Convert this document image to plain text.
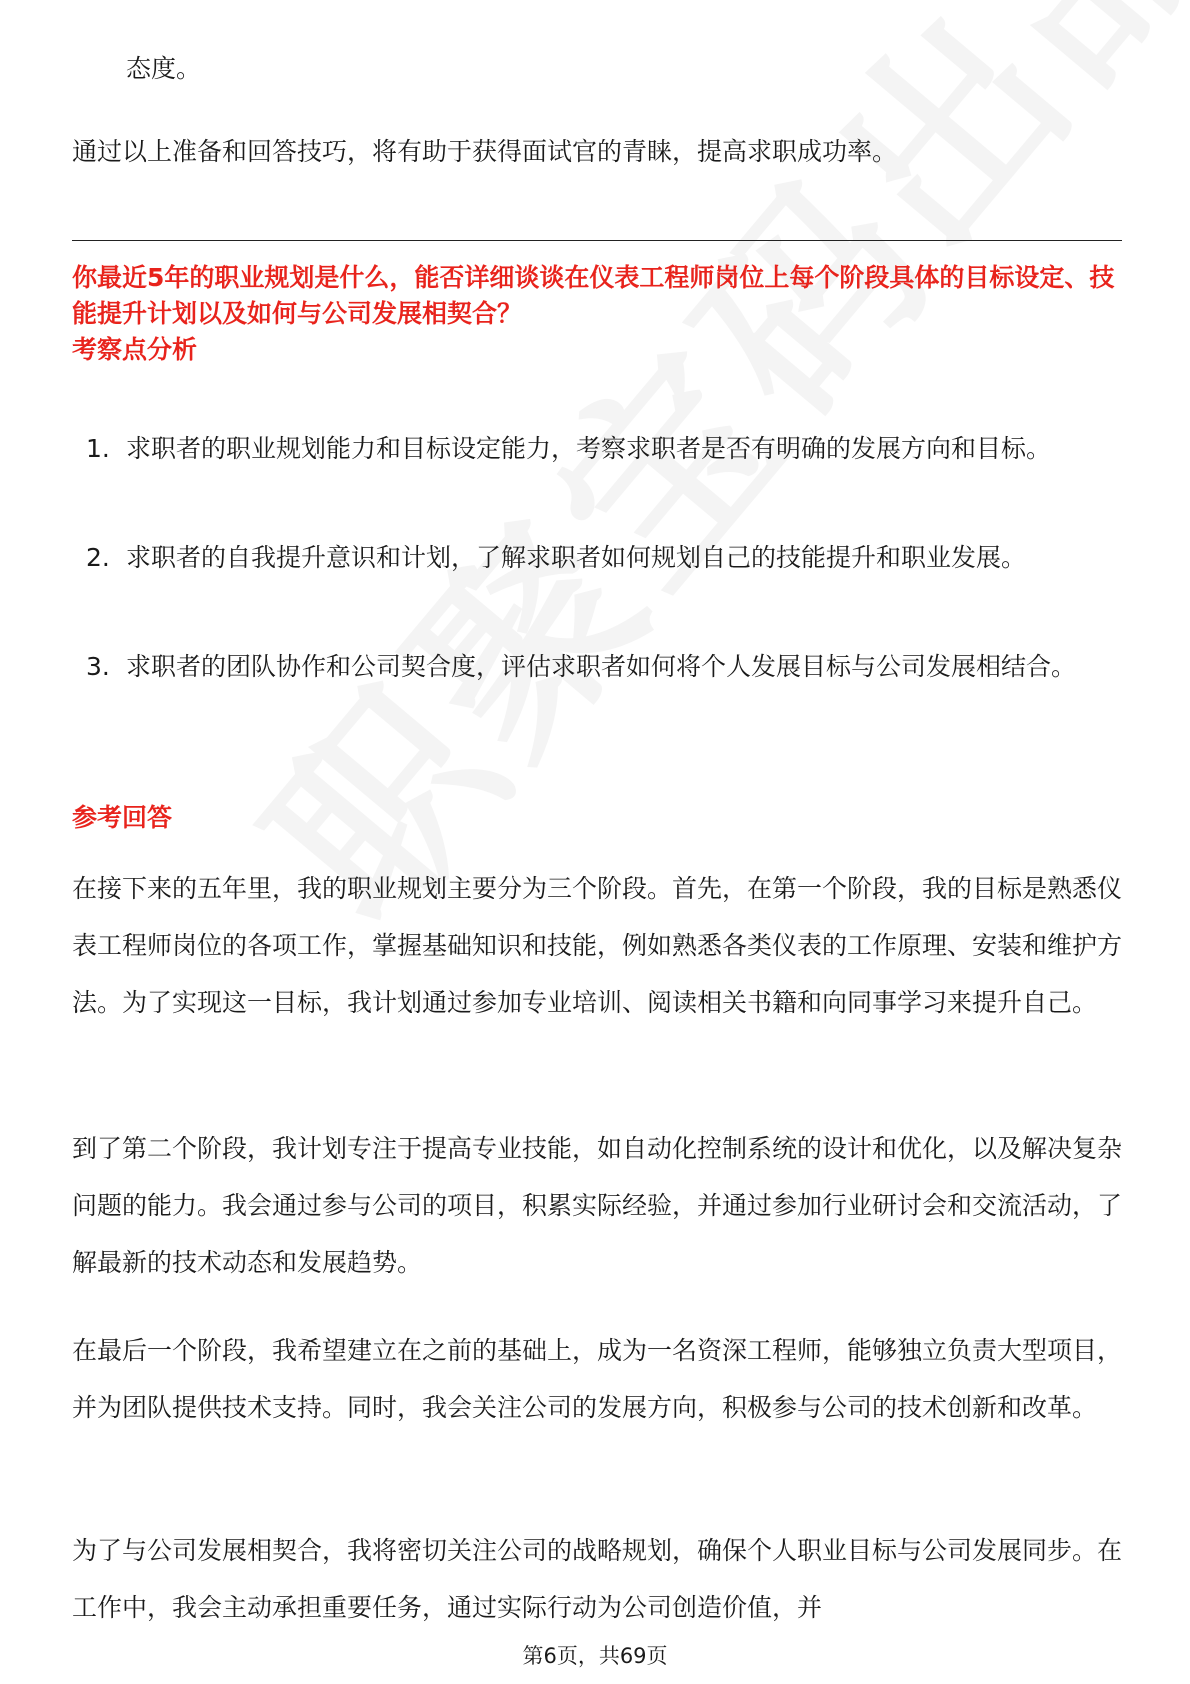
态度。

通过以上准备和回答技巧，将有助于获得面试官的青睐，提高求职成功率。

你最近5年的职业规划是什么，能否详细谈谈在仪表工程师岗位上每个阶段具体的目标设定、技能提升计划以及如何与公司发展相契合？

考察点分析

1. 求职者的职业规划能力和目标设定能力，考察求职者是否有明确的发展方向和目标。
2. 求职者的自我提升意识和计划，了解求职者如何规划自己的技能提升和职业发展。
3. 求职者的团队协作和公司契合度，评估求职者如何将个人发展目标与公司发展相结合。

参考回答

在接下来的五年里，我的职业规划主要分为三个阶段。首先，在第一个阶段，我的目标是熟悉仪表工程师岗位的各项工作，掌握基础知识和技能，例如熟悉各类仪表的工作原理、安装和维护方法。为了实现这一目标，我计划通过参加专业培训、阅读相关书籍和向同事学习来提升自己。

到了第二个阶段，我计划专注于提高专业技能，如自动化控制系统的设计和优化，以及解决复杂问题的能力。我会通过参与公司的项目，积累实际经验，并通过参加行业研讨会和交流活动，了解最新的技术动态和发展趋势。

在最后一个阶段，我希望建立在之前的基础上，成为一名资深工程师，能够独立负责大型项目，并为团队提供技术支持。同时，我会关注公司的发展方向，积极参与公司的技术创新和改革。

为了与公司发展相契合，我将密切关注公司的战略规划，确保个人职业目标与公司发展同步。在工作中，我会主动承担重要任务，通过实际行动为公司创造价值，并

第6页，共69页
